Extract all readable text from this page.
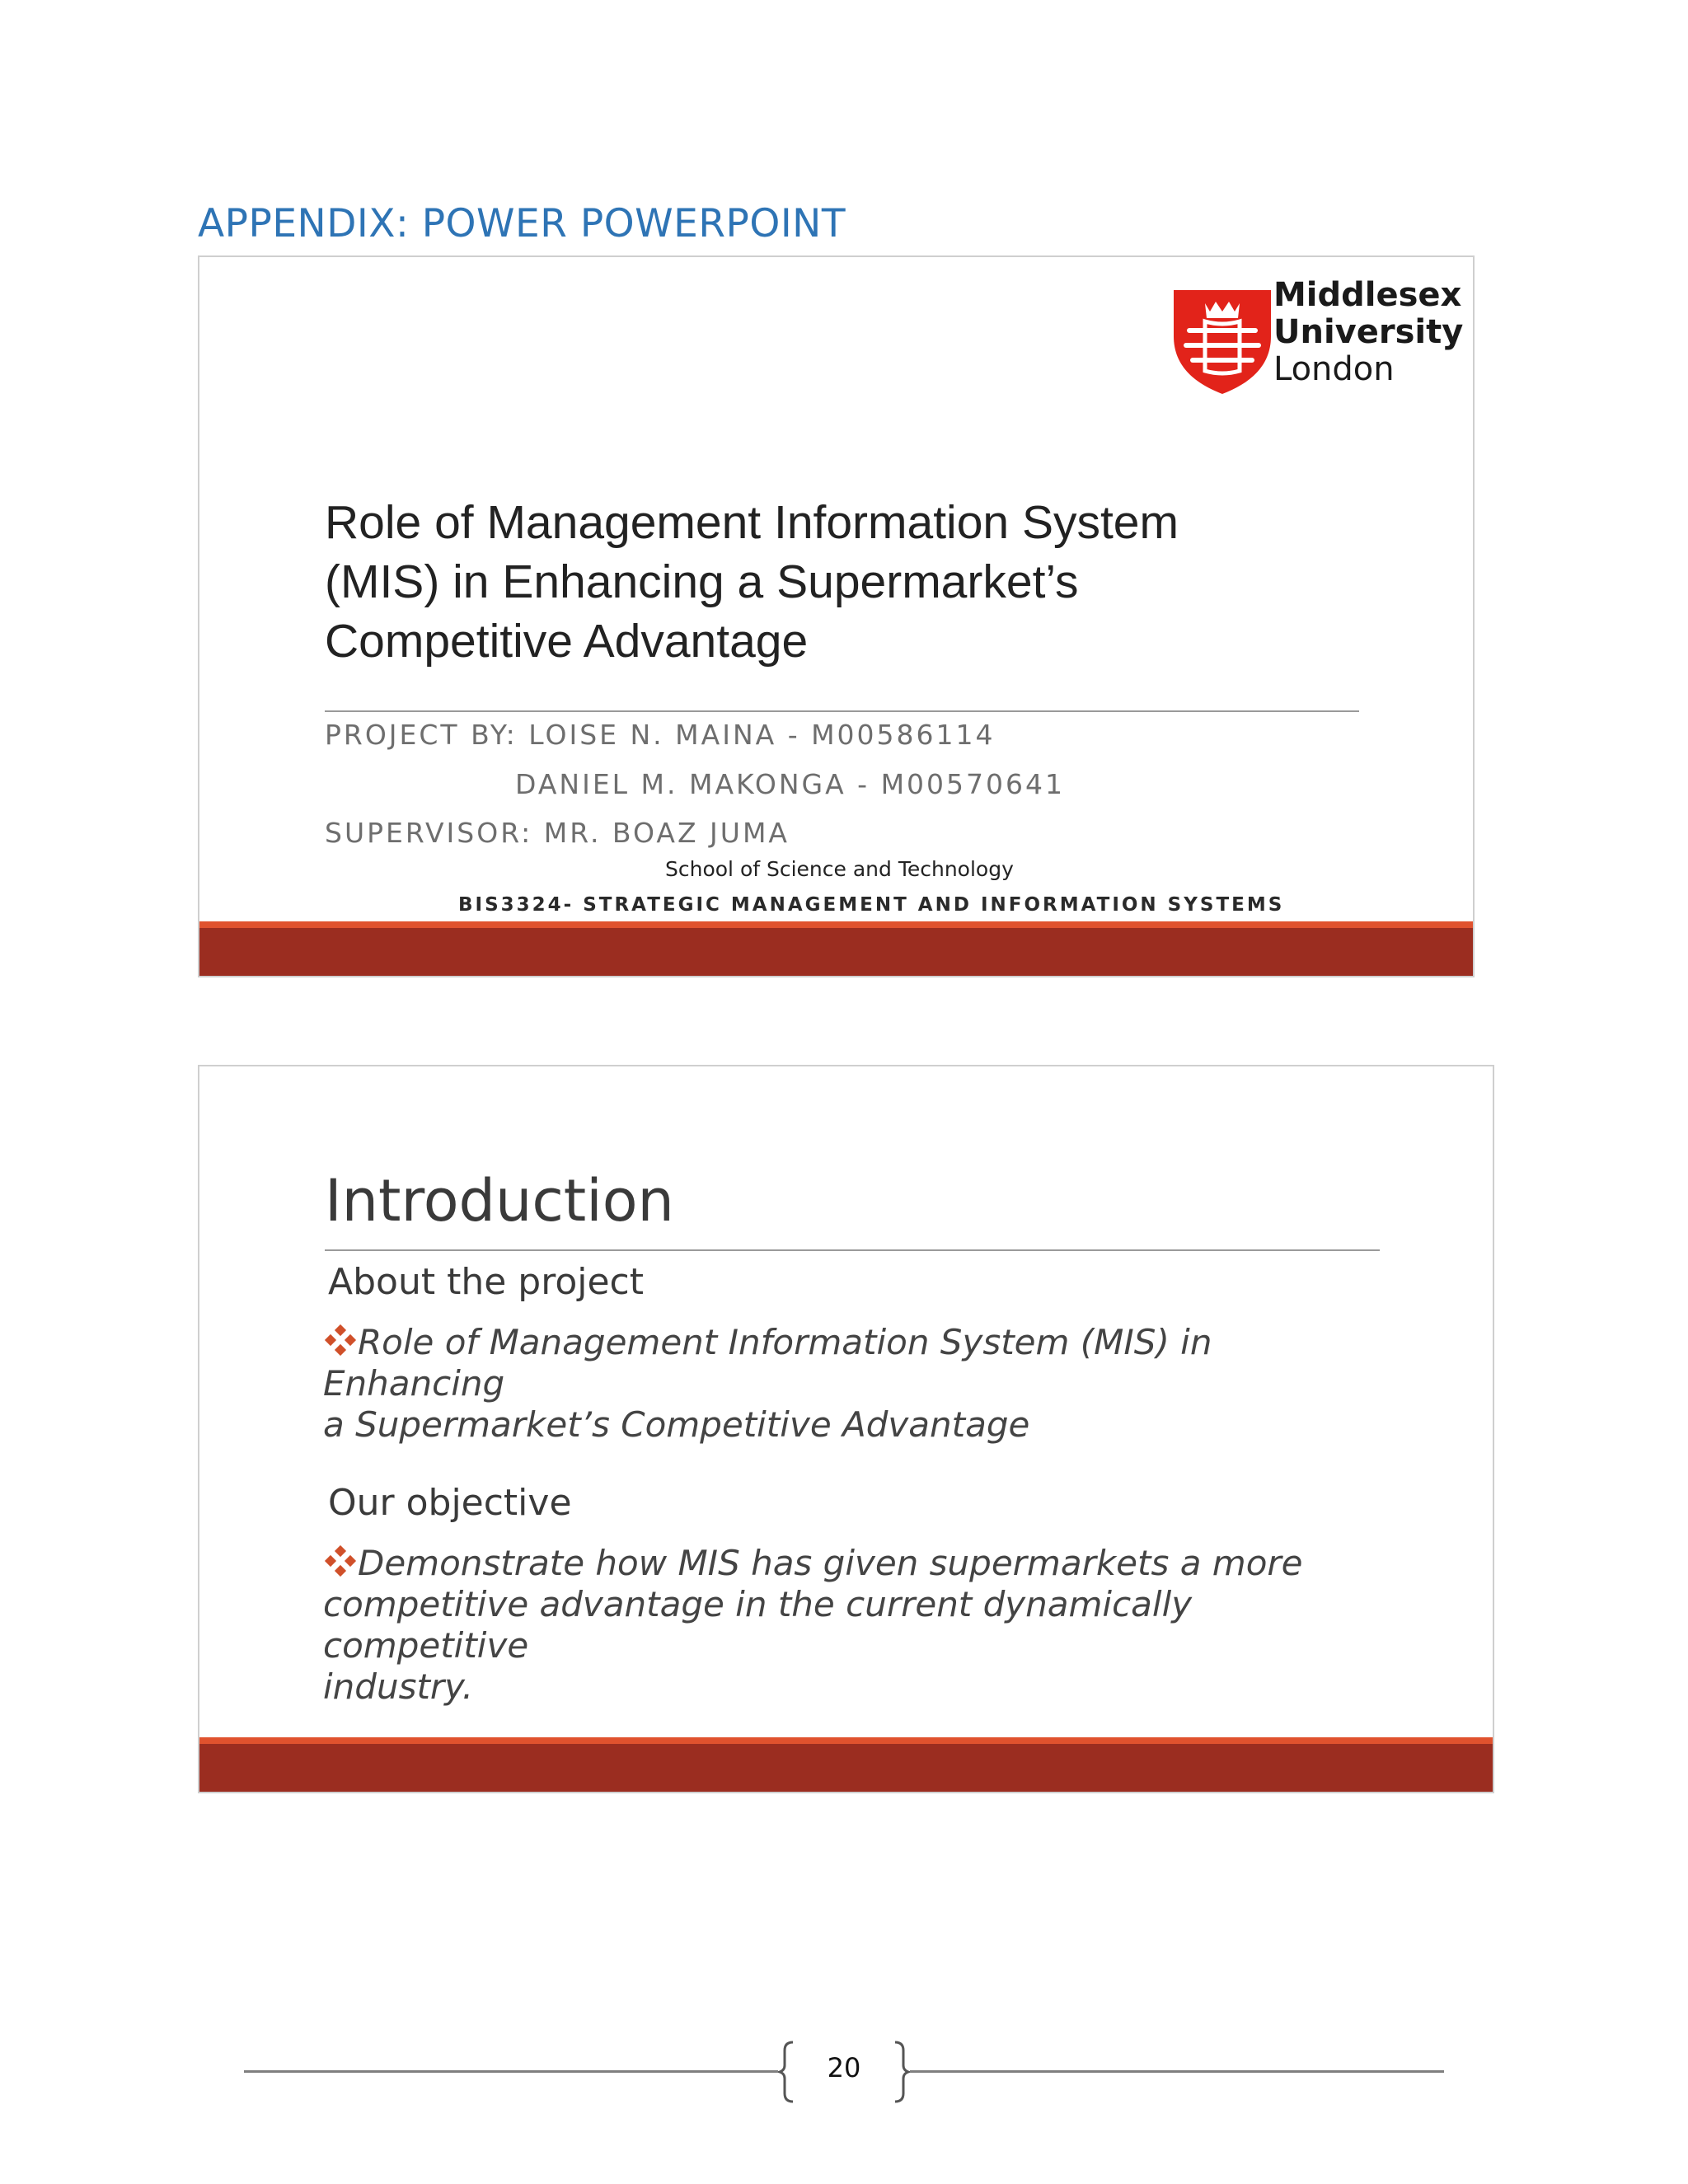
APPENDIX: POWER POWERPOINT
Middlesex
University
London
Role of Management Information System
(MIS) in Enhancing a Supermarket’s
Competitive Advantage
PROJECT BY: LOISE N. MAINA - M00586114
DANIEL M. MAKONGA - M00570641
SUPERVISOR: MR. BOAZ JUMA
School of Science and Technology
BIS3324- STRATEGIC MANAGEMENT AND INFORMATION SYSTEMS
Introduction
About the project
Role of Management Information System (MIS) in Enhancing
a Supermarket’s Competitive Advantage
Our objective
Demonstrate how MIS has given supermarkets a more
competitive advantage in the current dynamically competitive
industry.
20
